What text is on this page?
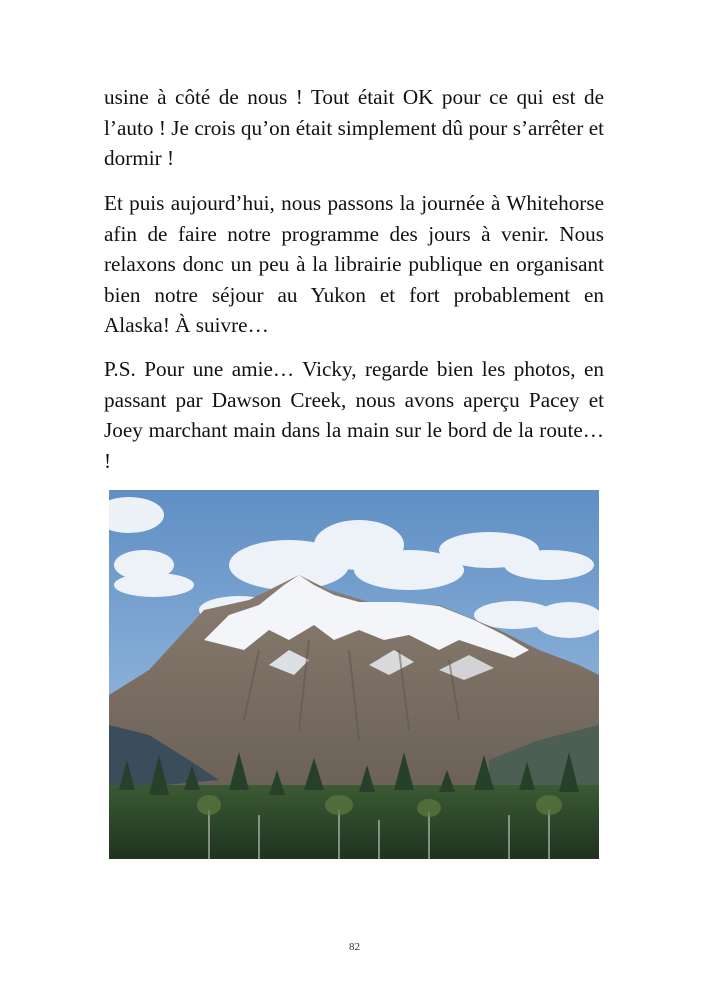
usine à côté de nous ! Tout était OK pour ce qui est de l’auto ! Je crois qu’on était simplement dû pour s’arrêter et dormir !

Et puis aujourd’hui, nous passons la journée à Whitehorse afin de faire notre programme des jours à venir. Nous relaxons donc un peu à la librairie publique en organisant bien notre séjour au Yukon et fort probablement en Alaska! À suivre…

P.S. Pour une amie… Vicky, regarde bien les photos, en passant par Dawson Creek, nous avons aperçu Pacey et Joey marchant main dans la main sur le bord de la route… !

82
